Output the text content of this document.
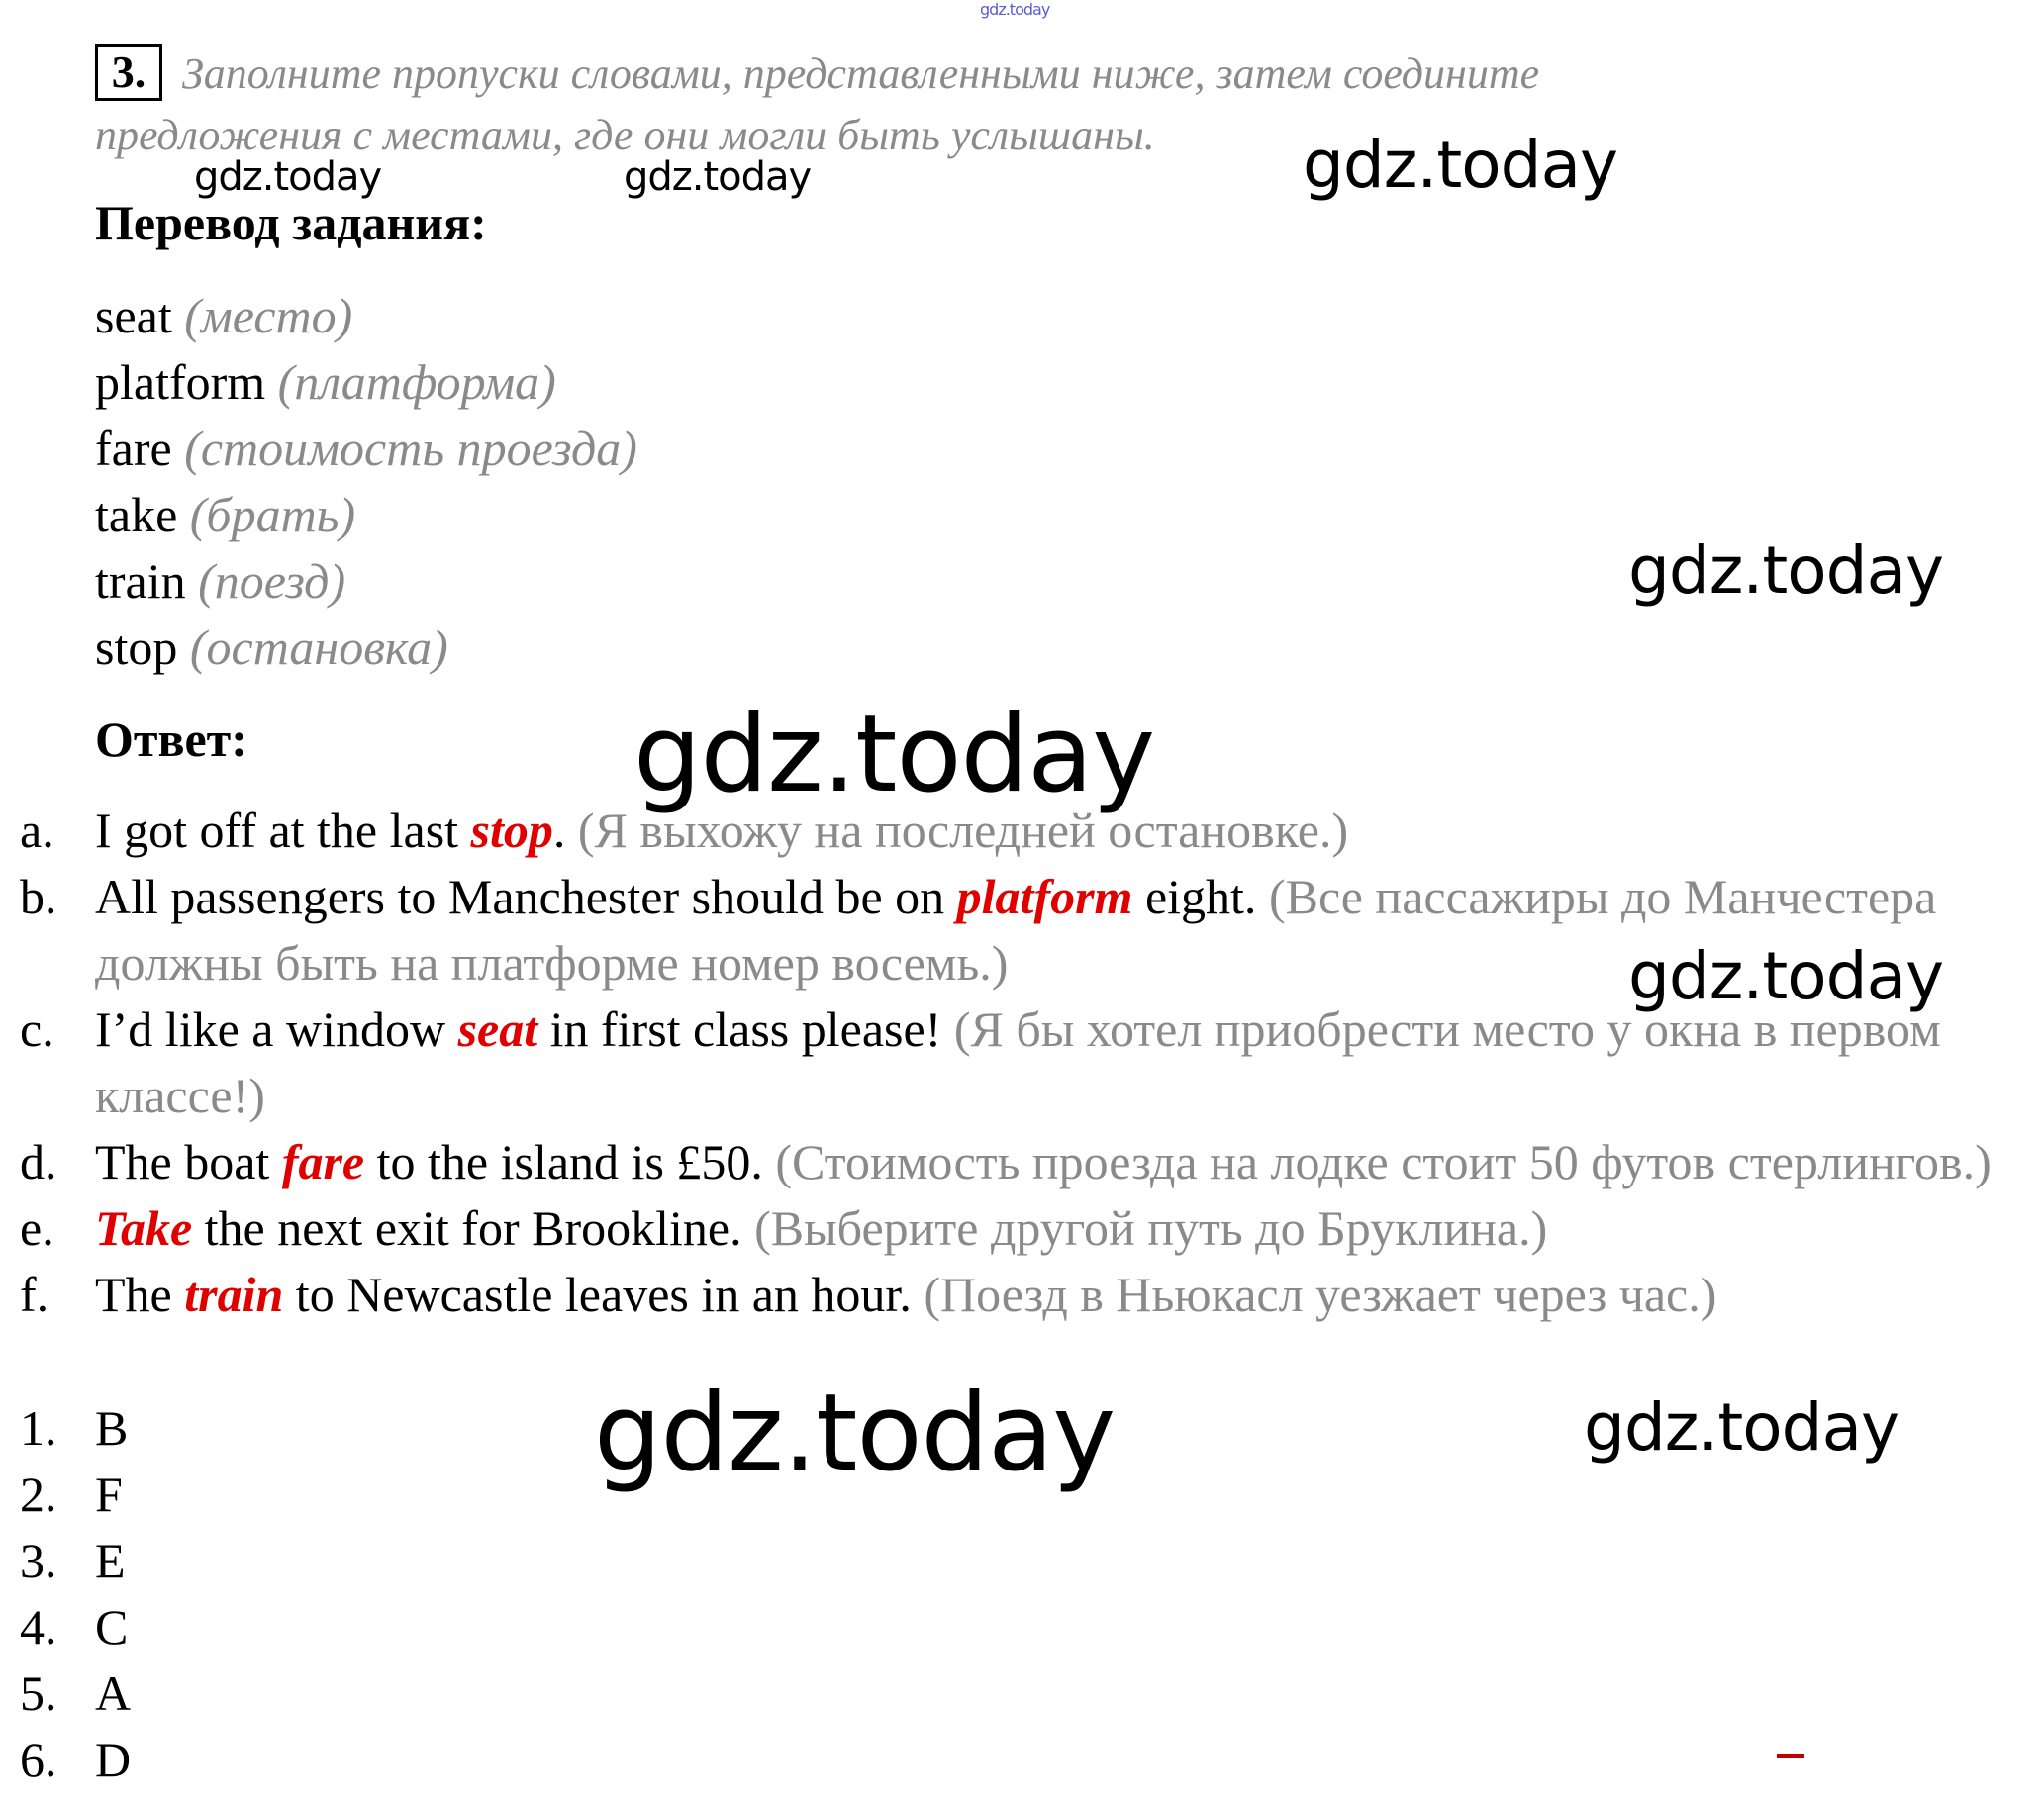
gdz.today
gdz.today	gdz.today	gdz.today
gdz.today
gdz.today
gdz.today
gdz.today	gdz.today
Заполните пропуски словами, представленными ниже, затем соедините предложения с местами, где они могли быть услышаны.
3.
Перевод задания:
seat (место)
platform (платформа)
fare (стоимость проезда)
take (брать)
train (поезд)
stop (остановка)
Ответ:
a. I got off at the last stop. (Я выхожу на последней остановке.)
b. All passengers to Manchester should be on platform eight. (Все пассажиры до Манчестера должны быть на платформе номер восемь.)
c. I’d like a window seat in first class please! (Я бы хотел приобрести место у окна в первом классе!)
d. The boat fare to the island is £50. (Стоимость проезда на лодке стоит 50 футов стерлингов.)
e. Take the next exit for Brookline. (Выберите другой путь до Бруклина.)
f. The train to Newcastle leaves in an hour. (Поезд в Ньюкасл уезжает через час.)
1. B
2. F
3. E
4. C
5. A
6. D
